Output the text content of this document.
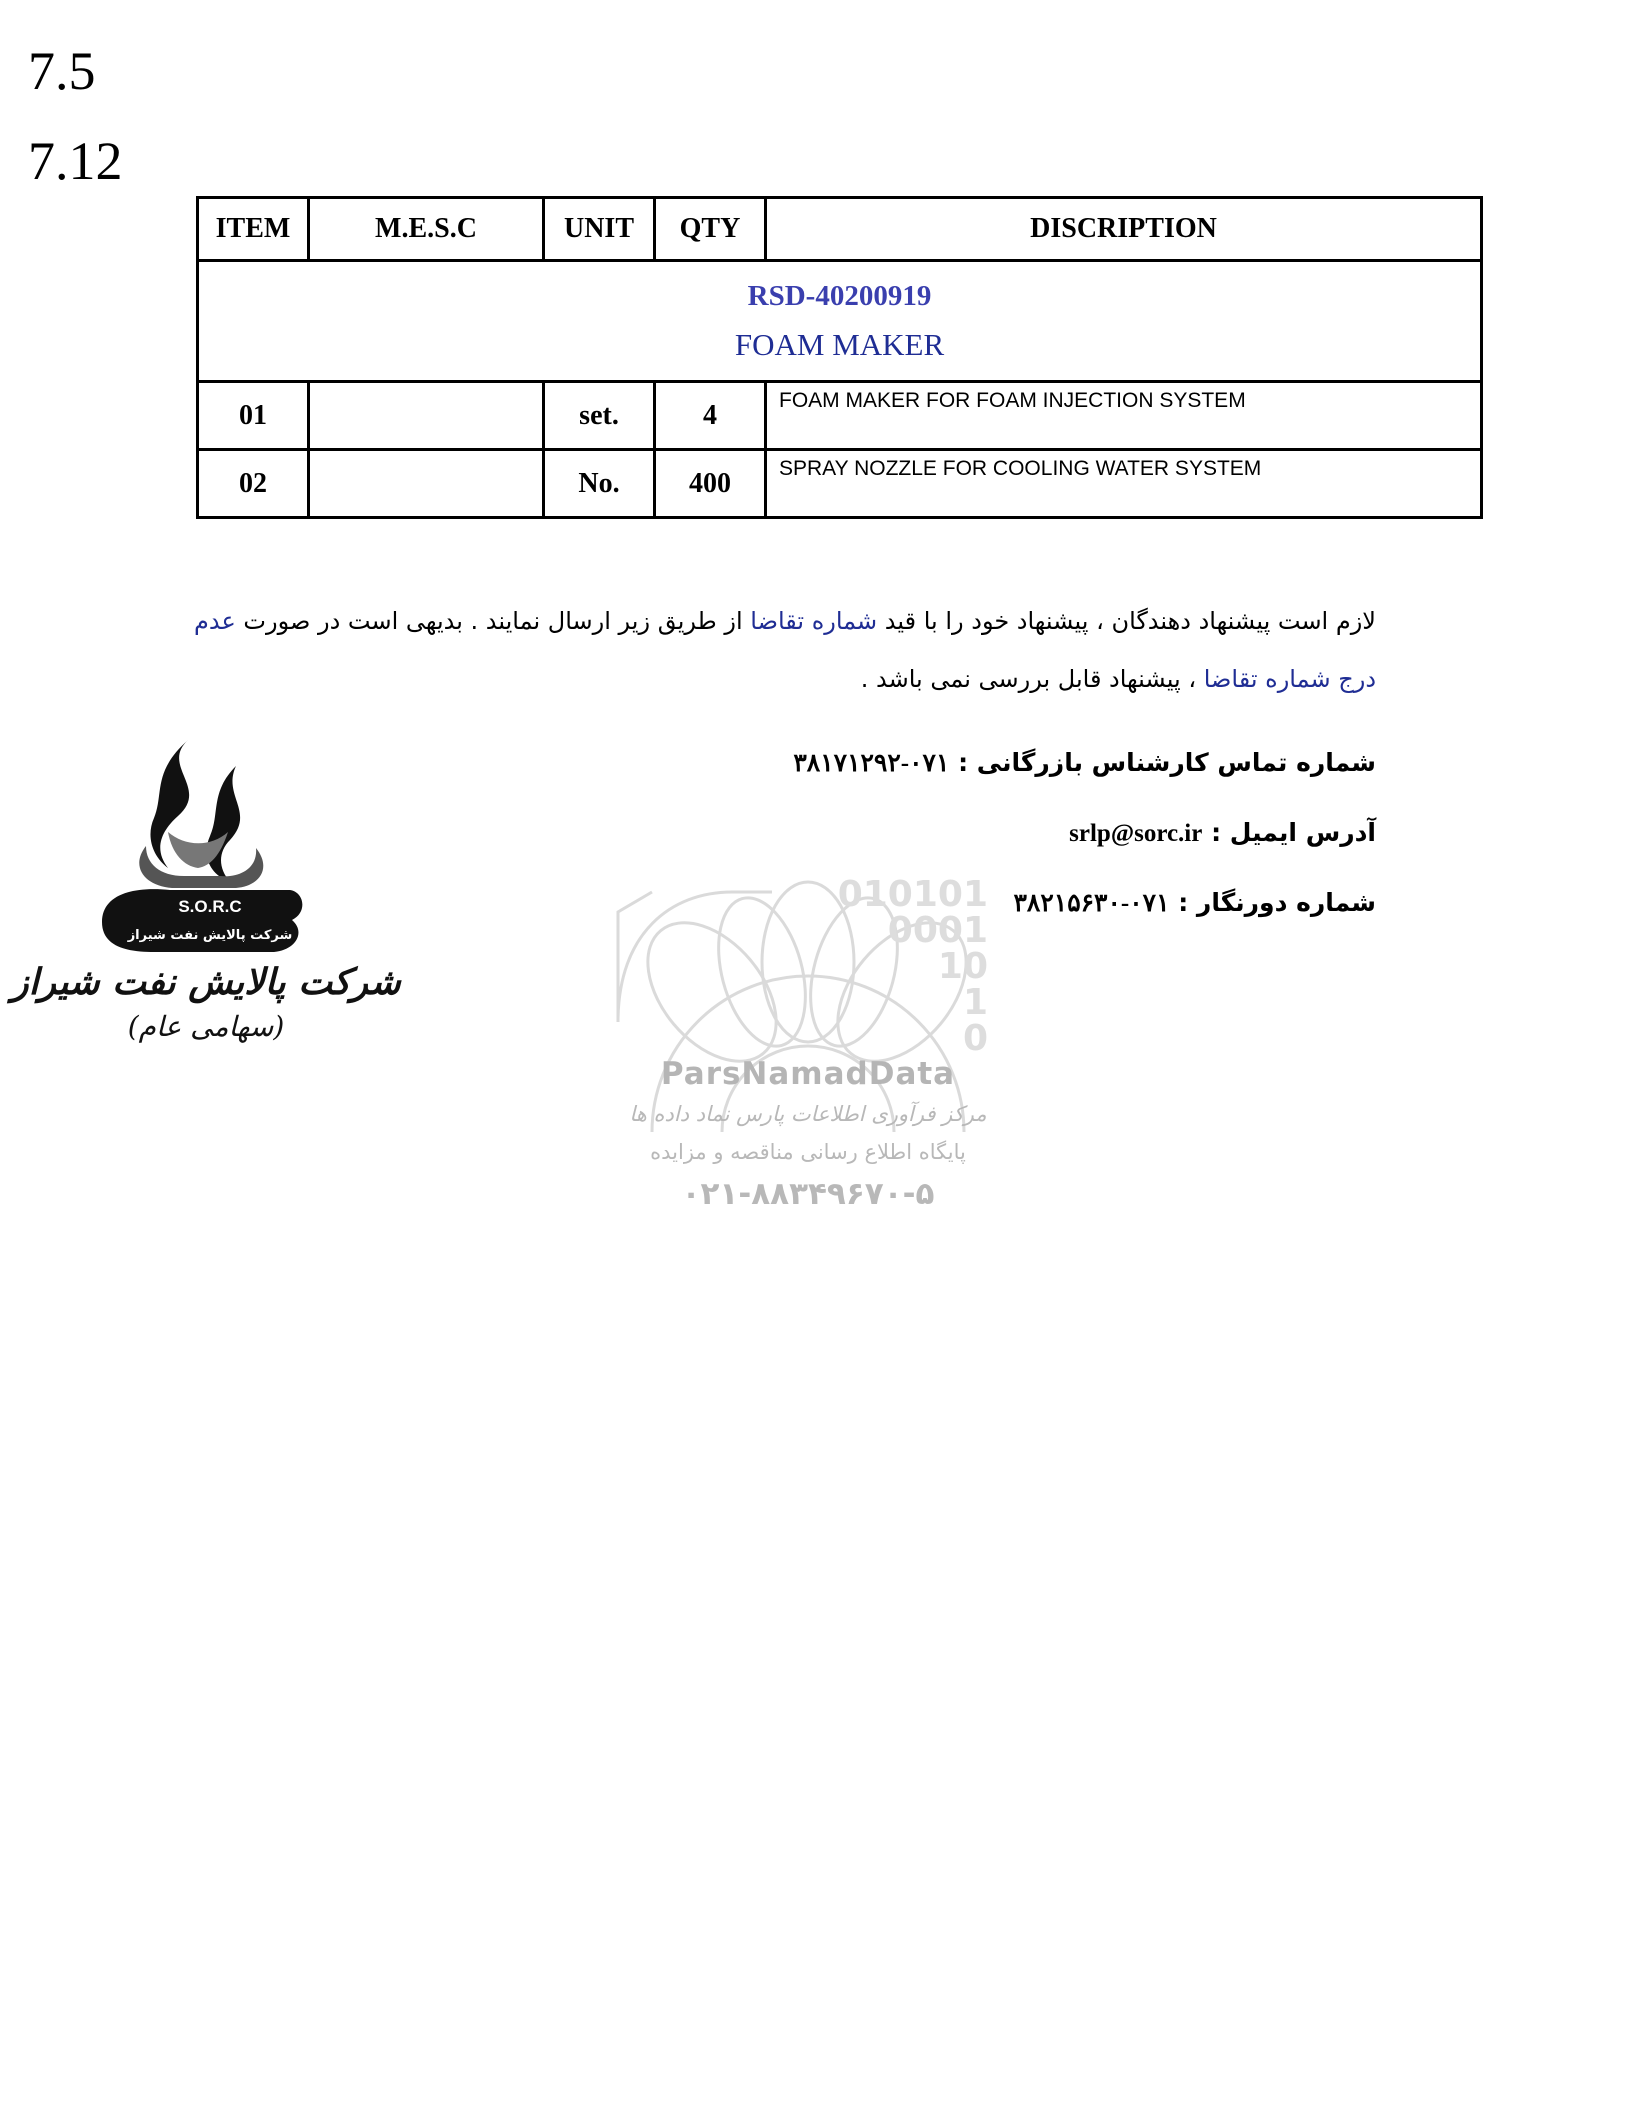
7.5
7.12
ITEM	M.E.S.C	UNIT	QTY	DISCRIPTION

RSD-40200919
FOAM MAKER				

01		set.	4	FOAM MAKER FOR FOAM INJECTION SYSTEM
02		No.	400	SPRAY NOZZLE FOR COOLING WATER SYSTEM

لازم است پیشنهاد دهندگان ، پیشنهاد خود را با قید شماره تقاضا از طریق زیر ارسال نمایند . بدیهی است در صورت عدم درج شماره تقاضا ، پیشنهاد قابل بررسی نمی باشد .

شماره تماس کارشناس بازرگانی : ۰۷۱-۳۸۱۷۱۲۹۲
آدرس ایمیل : srlp@sorc.ir
شماره دورنگار : ۰۷۱-۳۸۲۱۵۶۳۰
S.O.R.C
شرکت پالایش نفت شیراز
شرکت پالایش نفت شیراز
(سهامی عام)
010101
0001
10
1
0
ParsNamadData
مرکز فرآوری اطلاعات پارس نماد داده ها
پایگاه اطلاع رسانی مناقصه و مزایده
۰۲۱-۸۸۳۴۹۶۷۰-۵
